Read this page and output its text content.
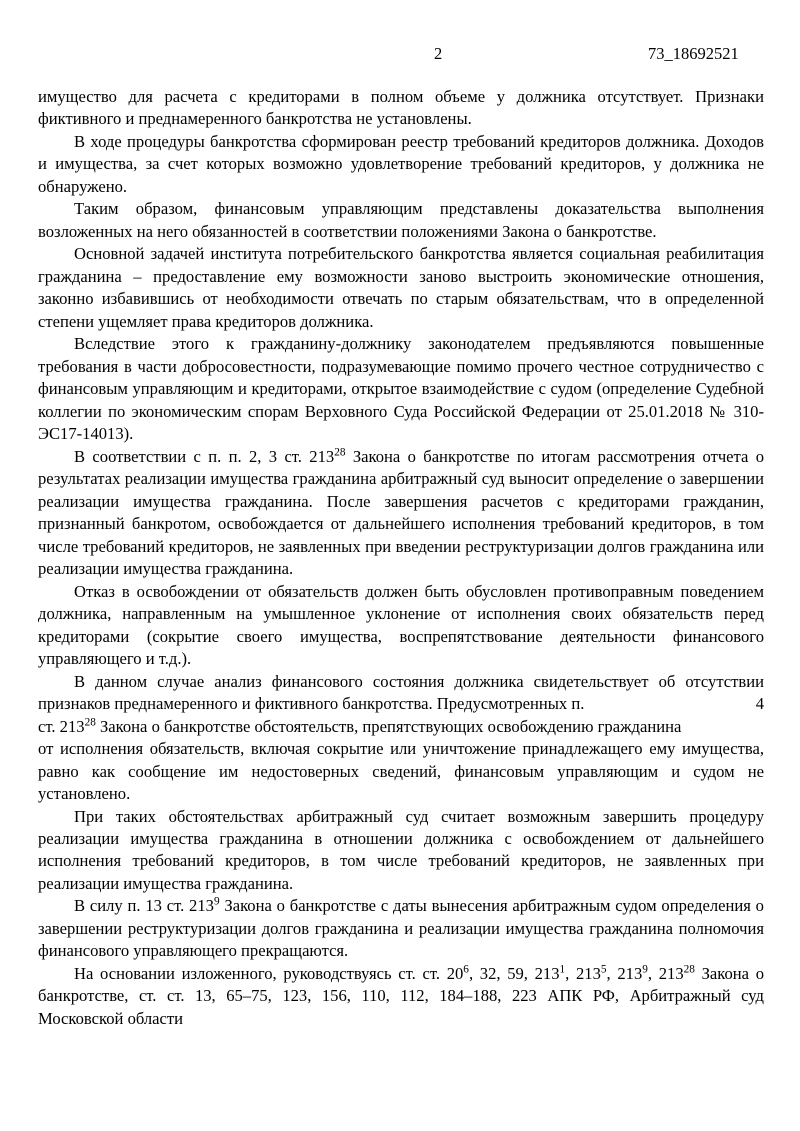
2	73_18692521

имущество для расчета с кредиторами в полном объеме у должника отсутствует. Признаки фиктивного и преднамеренного банкротства не установлены.

В ходе процедуры банкротства сформирован реестр требований кредиторов должника. Доходов и имущества, за счет которых возможно удовлетворение требований кредиторов, у должника не обнаружено.

Таким образом, финансовым управляющим представлены доказательства выполнения возложенных на него обязанностей в соответствии положениями Закона о банкротстве.

Основной задачей института потребительского банкротства является социальная реабилитация гражданина – предоставление ему возможности заново выстроить экономические отношения, законно избавившись от необходимости отвечать по старым обязательствам, что в определенной степени ущемляет права кредиторов должника.

Вследствие этого к гражданину-должнику законодателем предъявляются повышенные требования в части добросовестности, подразумевающие помимо прочего честное сотрудничество с финансовым управляющим и кредиторами, открытое взаимодействие с судом (определение Судебной коллегии по экономическим спорам Верховного Суда Российской Федерации от 25.01.2018 № 310-ЭС17-14013).

В соответствии с п. п. 2, 3 ст. $213^{28}$ Закона о банкротстве по итогам рассмотрения отчета о результатах реализации имущества гражданина арбитражный суд выносит определение о завершении реализации имущества гражданина. После завершения расчетов с кредиторами гражданин, признанный банкротом, освобождается от дальнейшего исполнения требований кредиторов, в том числе требований кредиторов, не заявленных при введении реструктуризации долгов гражданина или реализации имущества гражданина.

Отказ в освобождении от обязательств должен быть обусловлен противоправным поведением должника, направленным на умышленное уклонение от исполнения своих обязательств перед кредиторами (сокрытие своего имущества, воспрепятствование деятельности финансового управляющего и т.д.).

В данном случае анализ финансового состояния должника свидетельствует об отсутствии признаков преднамеренного и фиктивного банкротства. Предусмотренных п.	4

ст. $213^{28}$ Закона о банкротстве обстоятельств, препятствующих освобождению гражданина

от исполнения обязательств, включая сокрытие или уничтожение принадлежащего ему имущества, равно как сообщение им недостоверных сведений, финансовым управляющим и судом не установлено.

При таких обстоятельствах арбитражный суд считает возможным завершить процедуру реализации имущества гражданина в отношении должника с освобождением от дальнейшего исполнения требований кредиторов, в том числе требований кредиторов, не заявленных при реализации имущества гражданина.

В силу п. 13 ст. $213^9$ Закона о банкротстве с даты вынесения арбитражным судом определения о завершении реструктуризации долгов гражданина и реализации имущества гражданина полномочия финансового управляющего прекращаются.

На основании изложенного, руководствуясь ст. ст. $20^6$, 32, 59, $213^1$, $213^5$, $213^9$, $213^{28}$ Закона о банкротстве, ст. ст. 13, 65–75, 123, 156, 110, 112, 184–188, 223 АПК РФ, Арбитражный суд Московской области
